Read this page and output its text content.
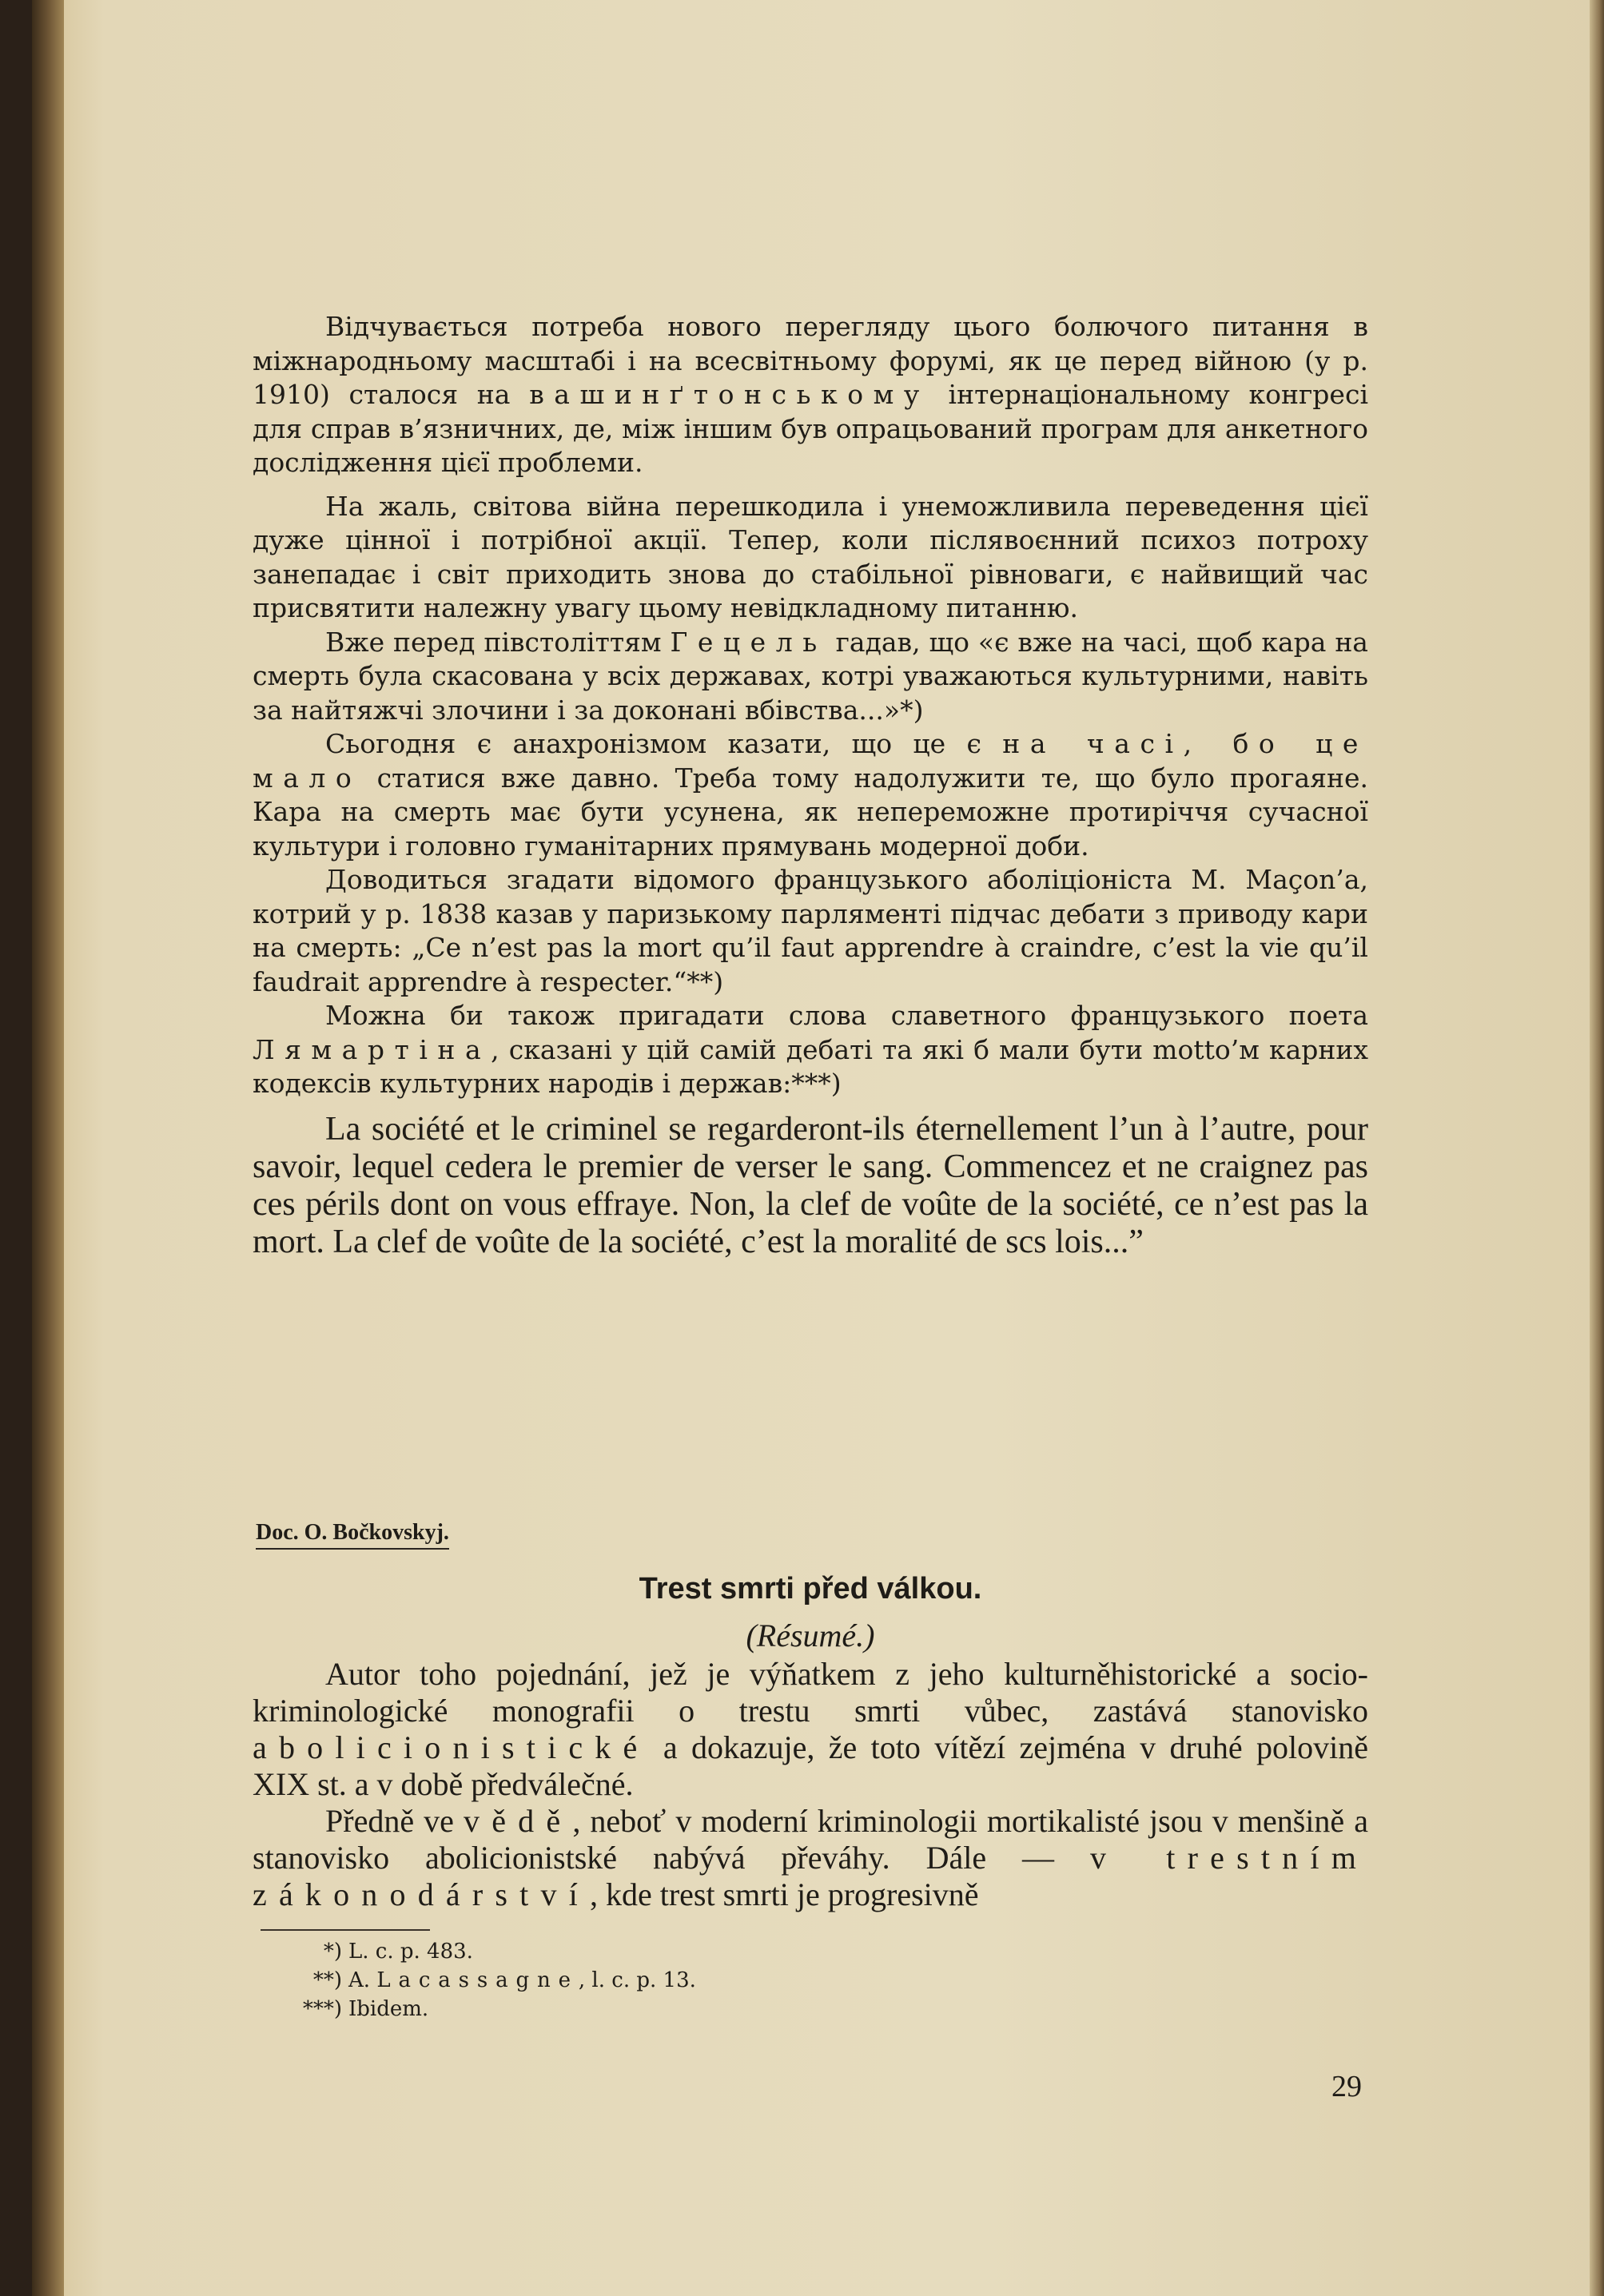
Відчувається потреба нового перегляду цього болючого питання в міжнародньому масштабі і на всесвітньому форумі, як це перед війною (у р. 1910) сталося на вашинґтонському інтернаціональному конгресі для справ в’язничних, де, між іншим був опрацьований програм для анкетного дослідження цієї проблеми.

На жаль, світова війна перешкодила і унеможливила переведення цієї дуже цінної і потрібної акції. Тепер, коли післявоєнний психоз потроху занепадає і світ приходить знова до стабільної рівноваги, є найвищий час присвятити належну увагу цьому невідкладному питанню.

Вже перед півстоліттям Гецель гадав, що «є вже на часі, щоб кара на смерть була скасована у всіх державах, котрі уважаються культурними, навіть за найтяжчі злочини і за доконані вбівства...»*)

Сьогодня є анахронізмом казати, що це є на часі, бо це мало статися вже давно. Треба тому надолужити те, що було прогаяне. Кара на смерть має бути усунена, як непереможне протиріччя сучасної культури і головно гуманітарних прямувань модерної доби.

Доводиться згадати відомого французького аболіціоніста М. Maçon’a, котрий у р. 1838 казав у паризькому парляменті підчас дебати з приводу кари на смерть: „Ce n’est pas la mort qu’il faut apprendre à craindre, c’est la vie qu’il faudrait apprendre à respecter.“**)

Можна би також пригадати слова славетного французького поета Лямартіна, сказані у цій самій дебаті та які б мали бути motto’м карних кодексів культурних народів і держав:***)

La société et le criminel se regarderont-ils éternellement l’un à l’autre, pour savoir, lequel cedera le premier de verser le sang. Commencez et ne craignez pas ces périls dont on vous effraye. Non, la clef de voûte de la société, ce n’est pas la mort. La clef de voûte de la société, c’est la moralité de scs lois...”

Doc. O. Bočkovskyj.
Trest smrti před válkou.
(Résumé.)

Autor toho pojednání, jež je výňatkem z jeho kulturněhistorické a socio-kriminologické monografii o trestu smrti vůbec, zastává stanovisko abolicionistické a dokazuje, že toto vítězí zejména v druhé polovině XIX st. a v době předválečné.

Předně ve vědě, neboť v moderní kriminologii mortikalisté jsou v menšině a stanovisko abolicionistské nabývá převáhy. Dále — v trestním zákonodárství, kde trest smrti je progresivně

*) L. c. p. 483.
**) A. Lacassagne, l. c. p. 13.
***) Ibidem.
29
